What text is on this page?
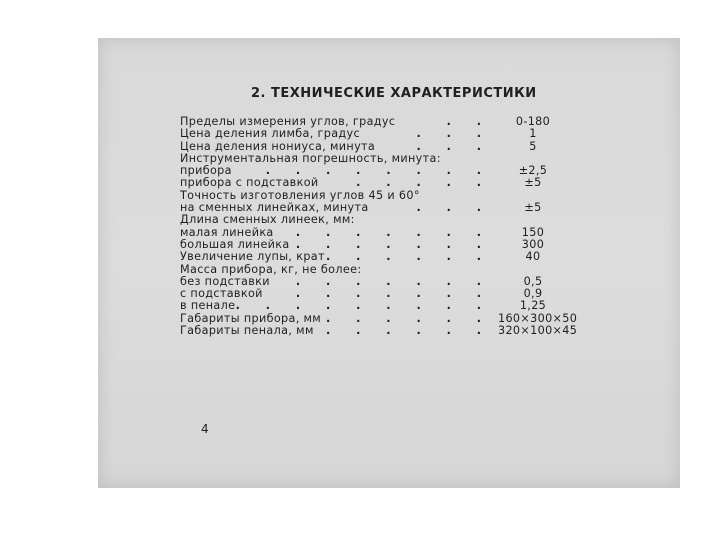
2. ТЕХНИЧЕСКИЕ ХАРАКТЕРИСТИКИ
Пределы измерения углов, градус	. .	0-180
Цена деления лимба, градус	. . .	1
Цена деления нониуса, минута	. . .	5
Инструментальная погрешность, минута:
прибора	. . . . . . . .	±2,5
прибора с подставкой	. . . . .	±5
Точность изготовления углов 45 и 60°
на сменных линейках, минута	. . .	±5
Длина сменных линеек, мм:
малая линейка	. . . . . . .	150
большая линейка . . . . . . .	300
Увеличение лупы, крат . . . . . .	40
Масса прибора, кг, не более:
без подставки	. . . . . . .	0,5
с подставкой	. . . . . . .	0,9
в пенале . . . . . . . . .	1,25
Габариты прибора, мм . . . . . . 160×300×50
Габариты пенала, мм	. . . . . . 320×100×45
4
